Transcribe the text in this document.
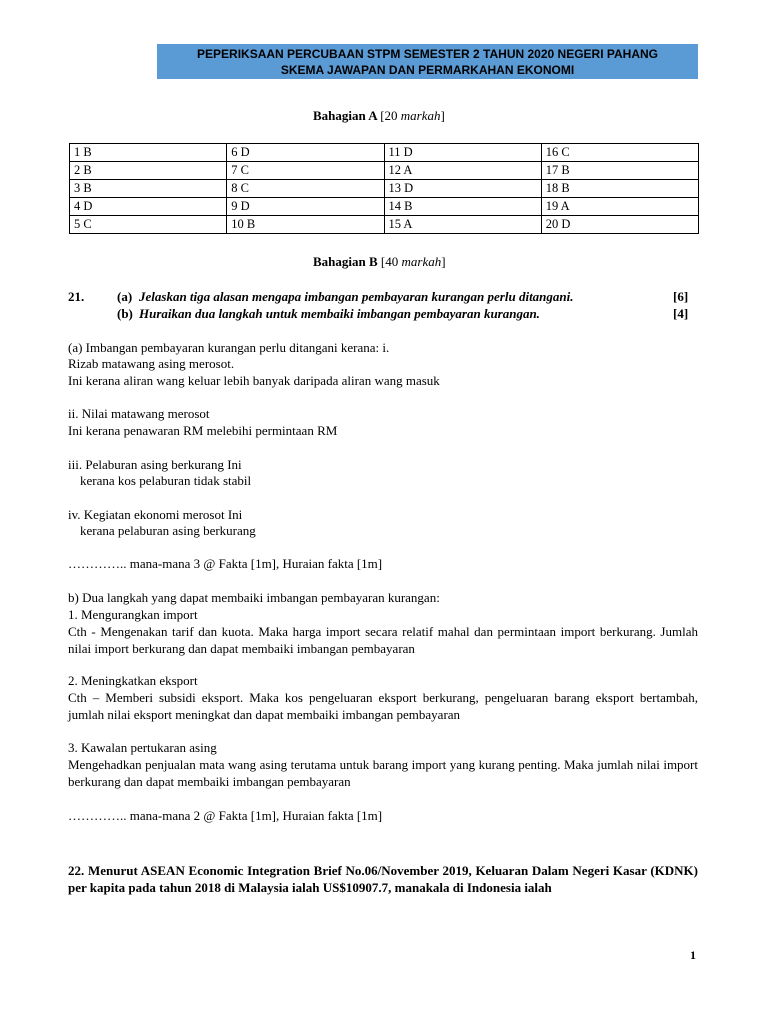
PEPERIKSAAN PERCUBAAN STPM SEMESTER 2 TAHUN 2020 NEGERI PAHANG
SKEMA JAWAPAN DAN PERMARKAHAN EKONOMI
Bahagian A [20 markah]
1 B	6 D	11 D	16 C
2 B	7 C	12 A	17 B
3 B	8 C	13 D	18 B
4 D	9 D	14 B	19 A
5 C	10 B	15 A	20 D
Bahagian B [40 markah]
21.	(a) Jelaskan tiga alasan mengapa imbangan pembayaran kurangan perlu ditangani.	[6]
(b) Huraikan dua langkah untuk membaiki imbangan pembayaran kurangan.	[4]
(a) Imbangan pembayaran kurangan perlu ditangani kerana: i.
Rizab matawang asing merosot.
Ini kerana aliran wang keluar lebih banyak daripada aliran wang masuk
ii. Nilai matawang merosot
Ini kerana penawaran RM melebihi permintaan RM
iii. Pelaburan asing berkurang Ini
kerana kos pelaburan tidak stabil
iv. Kegiatan ekonomi merosot Ini
kerana pelaburan asing berkurang
………….. mana-mana 3 @ Fakta [1m], Huraian fakta [1m]
b) Dua langkah yang dapat membaiki imbangan pembayaran kurangan:
1. Mengurangkan import
Cth - Mengenakan tarif dan kuota. Maka harga import secara relatif mahal dan permintaan import berkurang. Jumlah nilai import berkurang dan dapat membaiki imbangan pembayaran
2. Meningkatkan eksport
Cth – Memberi subsidi eksport. Maka kos pengeluaran eksport berkurang, pengeluaran barang eksport bertambah, jumlah nilai eksport meningkat dan dapat membaiki imbangan pembayaran
3. Kawalan pertukaran asing
Mengehadkan penjualan mata wang asing terutama untuk barang import yang kurang penting. Maka jumlah nilai import berkurang dan dapat membaiki imbangan pembayaran
………….. mana-mana 2 @ Fakta [1m], Huraian fakta [1m]
22. Menurut ASEAN Economic Integration Brief No.06/November 2019, Keluaran Dalam Negeri Kasar (KDNK) per kapita pada tahun 2018 di Malaysia ialah US$10907.7, manakala di Indonesia ialah
1
